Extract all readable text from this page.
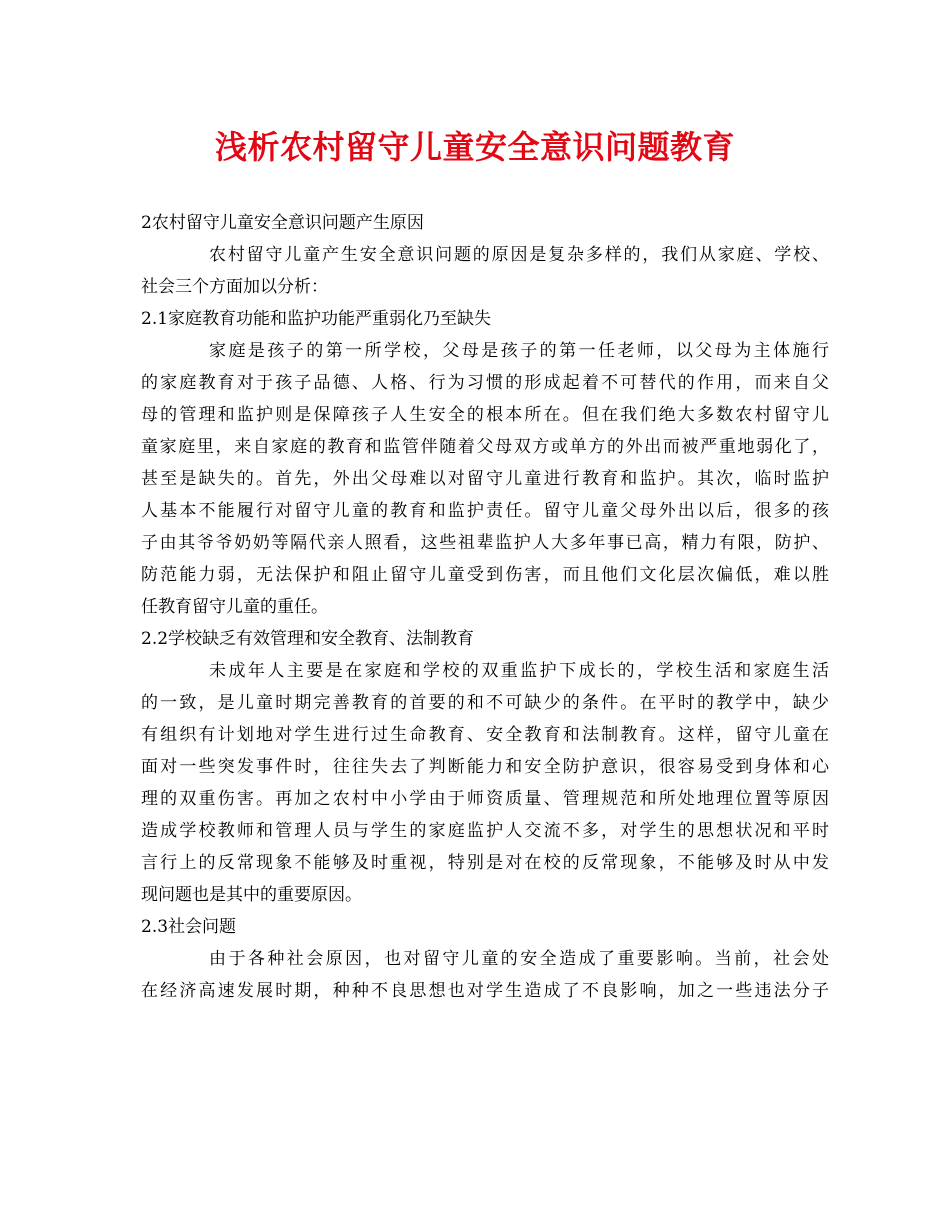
浅析农村留守儿童安全意识问题教育
2农村留守儿童安全意识问题产生原因
农村留守儿童产生安全意识问题的原因是复杂多样的，我们从家庭、学校、
社会三个方面加以分析：
2.1家庭教育功能和监护功能严重弱化乃至缺失
家庭是孩子的第一所学校，父母是孩子的第一任老师，以父母为主体施行
的家庭教育对于孩子品德、人格、行为习惯的形成起着不可替代的作用，而来自父
母的管理和监护则是保障孩子人生安全的根本所在。但在我们绝大多数农村留守儿
童家庭里，来自家庭的教育和监管伴随着父母双方或单方的外出而被严重地弱化了，
甚至是缺失的。首先，外出父母难以对留守儿童进行教育和监护。其次，临时监护
人基本不能履行对留守儿童的教育和监护责任。留守儿童父母外出以后，很多的孩
子由其爷爷奶奶等隔代亲人照看，这些祖辈监护人大多年事已高，精力有限，防护、
防范能力弱，无法保护和阻止留守儿童受到伤害，而且他们文化层次偏低，难以胜
任教育留守儿童的重任。
2.2学校缺乏有效管理和安全教育、法制教育
未成年人主要是在家庭和学校的双重监护下成长的，学校生活和家庭生活
的一致，是儿童时期完善教育的首要的和不可缺少的条件。在平时的教学中，缺少
有组织有计划地对学生进行过生命教育、安全教育和法制教育。这样，留守儿童在
面对一些突发事件时，往往失去了判断能力和安全防护意识，很容易受到身体和心
理的双重伤害。再加之农村中小学由于师资质量、管理规范和所处地理位置等原因
造成学校教师和管理人员与学生的家庭监护人交流不多，对学生的思想状况和平时
言行上的反常现象不能够及时重视，特别是对在校的反常现象，不能够及时从中发
现问题也是其中的重要原因。
2.3社会问题
由于各种社会原因，也对留守儿童的安全造成了重要影响。当前，社会处
在经济高速发展时期，种种不良思想也对学生造成了不良影响，加之一些违法分子
